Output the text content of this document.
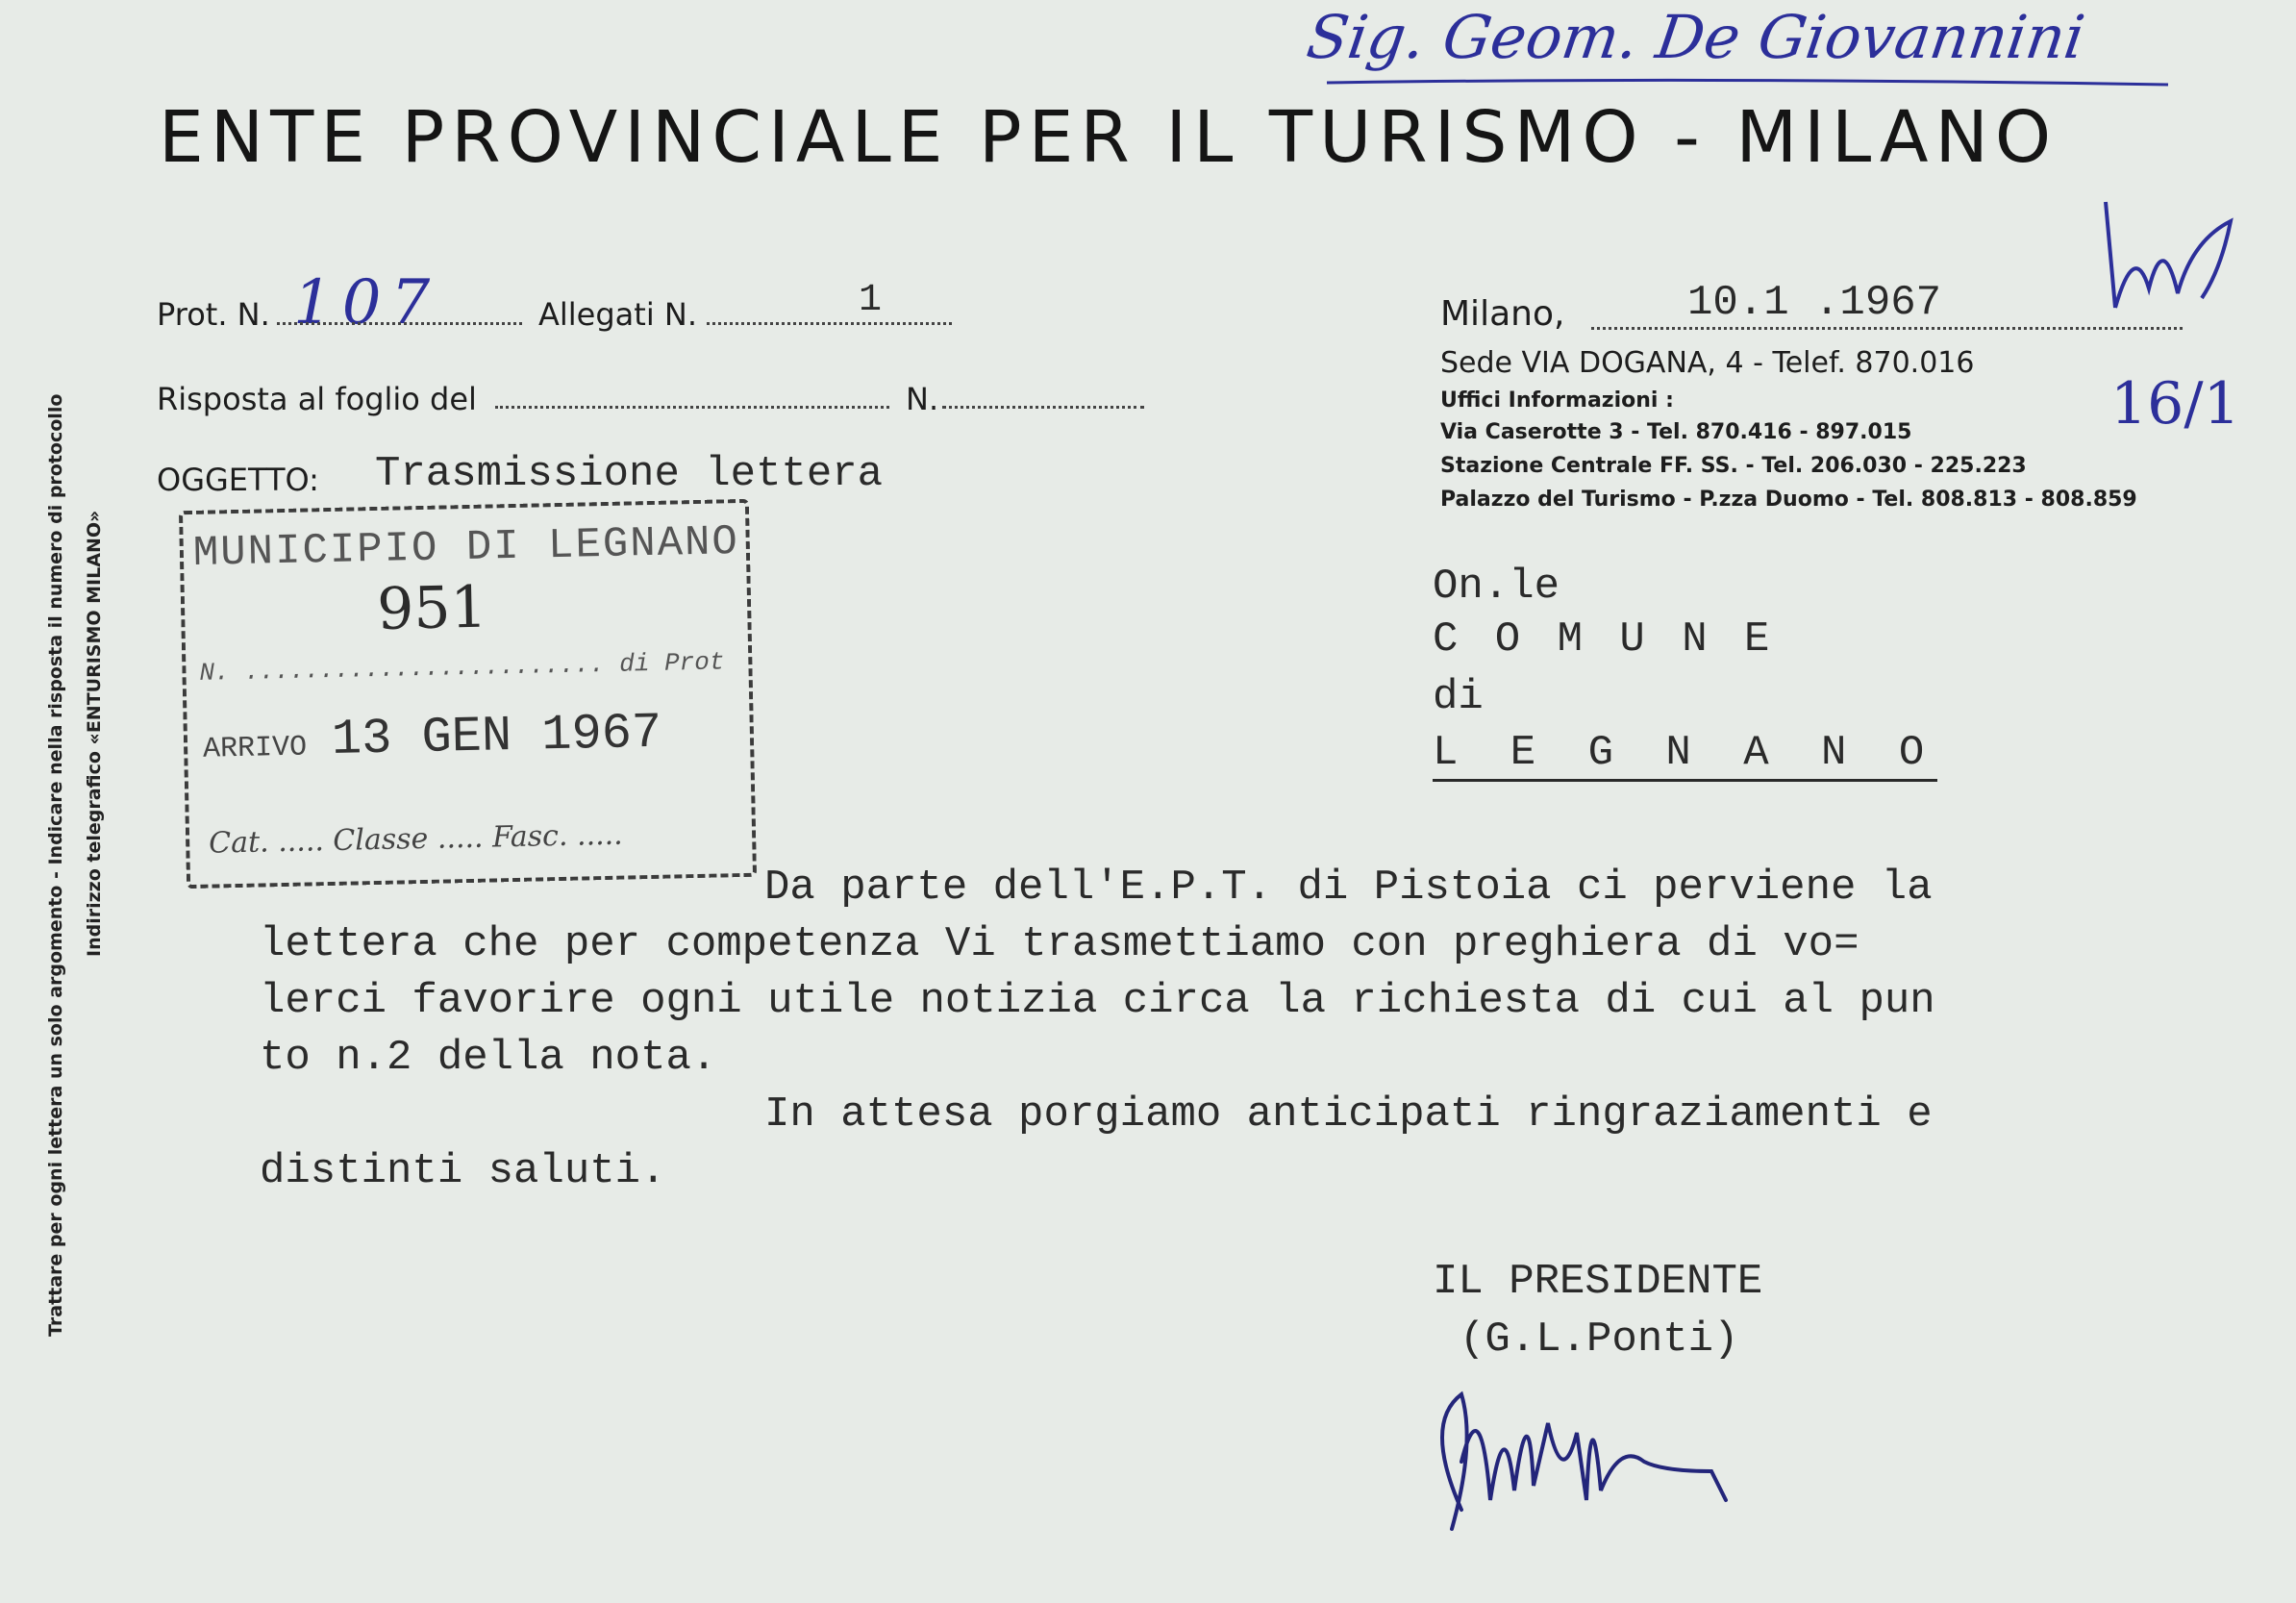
Trattare per ogni lettera un solo argomento - Indicare nella risposta il numero di protocollo Indirizzo telegrafico «ENTURISMO MILANO»
Sig. Geom. De Giovannini
ENTE PROVINCIALE PER IL TURISMO - MILANO
16/1
Prot. N. 107	Allegati N.	1
Risposta al foglio del	N.
OGGETTO: Trasmissione lettera
Milano,	10.1 .1967
Sede VIA DOGANA, 4 - Telef. 870.016
Uffici Informazioni :
Via Caserotte 3 - Tel. 870.416 - 897.015
Stazione Centrale FF. SS. - Tel. 206.030 - 225.223
Palazzo del Turismo - P.zza Duomo - Tel. 808.813 - 808.859
MUNICIPIO DI LEGNANO
951
N. ........................ di Prot
ARRIVO 13 GEN 1967
Cat. ..... Classe ..... Fasc. .....
On.le
C O M U N E
di
L E G N A N O
Da parte dell'E.P.T. di Pistoia ci perviene la
lettera che per competenza Vi trasmettiamo con preghiera di vo=
lerci favorire ogni utile notizia circa la richiesta di cui al pun
to n.2 della nota.
In attesa porgiamo anticipati ringraziamenti e
distinti saluti.
IL PRESIDENTE
(G.L.Ponti)
